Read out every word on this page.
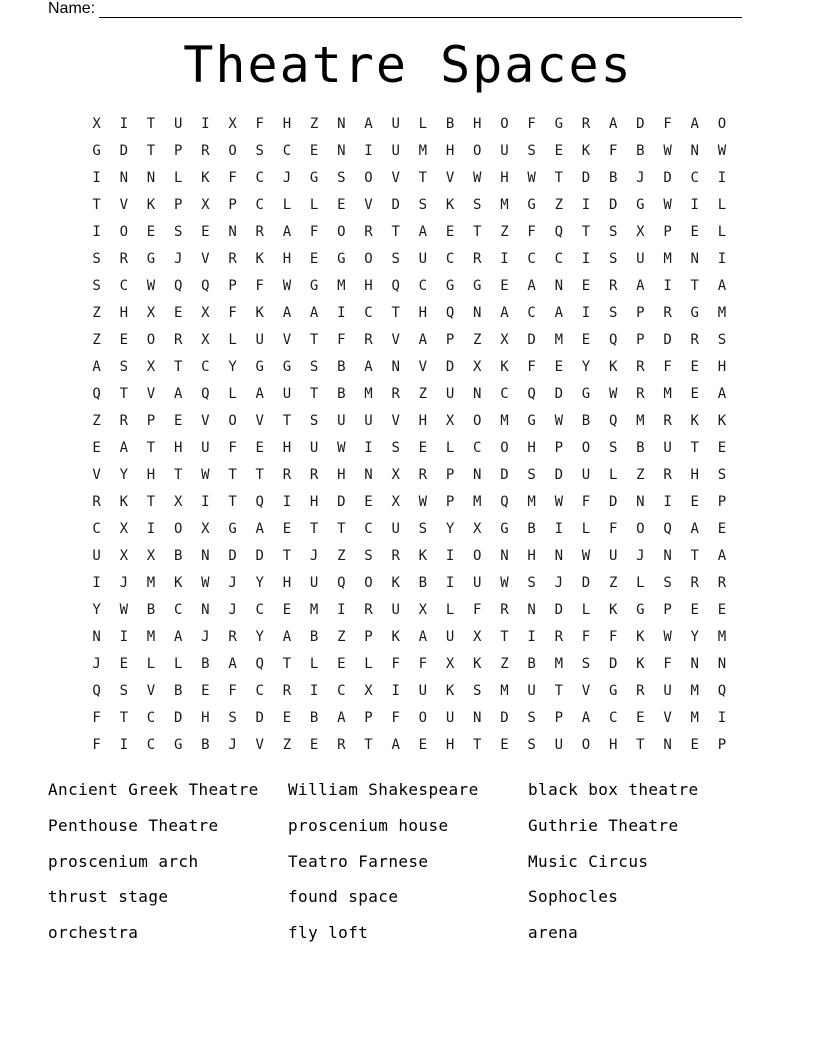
Name:
Theatre Spaces
X	I	T	U	I	X	F	H	Z	N	A	U	L	B	H	O	F	G	R	A	D	F	A	O
G	D	T	P	R	O	S	C	E	N	I	U	M	H	O	U	S	E	K	F	B	W	N	W
I	N	N	L	K	F	C	J	G	S	O	V	T	V	W	H	W	T	D	B	J	D	C	I
T	V	K	P	X	P	C	L	L	E	V	D	S	K	S	M	G	Z	I	D	G	W	I	L
I	O	E	S	E	N	R	A	F	O	R	T	A	E	T	Z	F	Q	T	S	X	P	E	L
S	R	G	J	V	R	K	H	E	G	O	S	U	C	R	I	C	C	I	S	U	M	N	I
S	C	W	Q	Q	P	F	W	G	M	H	Q	C	G	G	E	A	N	E	R	A	I	T	A
Z	H	X	E	X	F	K	A	A	I	C	T	H	Q	N	A	C	A	I	S	P	R	G	M
Z	E	O	R	X	L	U	V	T	F	R	V	A	P	Z	X	D	M	E	Q	P	D	R	S
A	S	X	T	C	Y	G	G	S	B	A	N	V	D	X	K	F	E	Y	K	R	F	E	H
Q	T	V	A	Q	L	A	U	T	B	M	R	Z	U	N	C	Q	D	G	W	R	M	E	A
Z	R	P	E	V	O	V	T	S	U	U	V	H	X	O	M	G	W	B	Q	M	R	K	K
E	A	T	H	U	F	E	H	U	W	I	S	E	L	C	O	H	P	O	S	B	U	T	E
V	Y	H	T	W	T	T	R	R	H	N	X	R	P	N	D	S	D	U	L	Z	R	H	S
R	K	T	X	I	T	Q	I	H	D	E	X	W	P	M	Q	M	W	F	D	N	I	E	P
C	X	I	O	X	G	A	E	T	T	C	U	S	Y	X	G	B	I	L	F	O	Q	A	E
U	X	X	B	N	D	D	T	J	Z	S	R	K	I	O	N	H	N	W	U	J	N	T	A
I	J	M	K	W	J	Y	H	U	Q	O	K	B	I	U	W	S	J	D	Z	L	S	R	R
Y	W	B	C	N	J	C	E	M	I	R	U	X	L	F	R	N	D	L	K	G	P	E	E
N	I	M	A	J	R	Y	A	B	Z	P	K	A	U	X	T	I	R	F	F	K	W	Y	M
J	E	L	L	B	A	Q	T	L	E	L	F	F	X	K	Z	B	M	S	D	K	F	N	N
Q	S	V	B	E	F	C	R	I	C	X	I	U	K	S	M	U	T	V	G	R	U	M	Q
F	T	C	D	H	S	D	E	B	A	P	F	O	U	N	D	S	P	A	C	E	V	M	I
F	I	C	G	B	J	V	Z	E	R	T	A	E	H	T	E	S	U	O	H	T	N	E	P
Ancient Greek Theatre	William Shakespeare	black box theatre
Penthouse Theatre	proscenium house	Guthrie Theatre
proscenium arch	Teatro Farnese	Music Circus
thrust stage	found space	Sophocles
orchestra	fly loft	arena
